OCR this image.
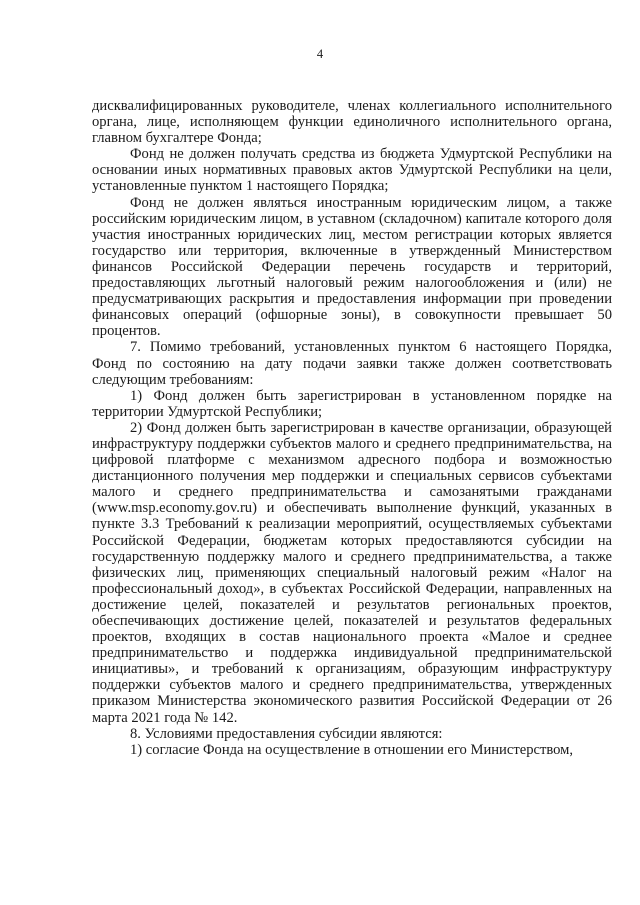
4

дисквалифицированных руководителе, членах коллегиального исполнительного органа, лице, исполняющем функции единоличного исполнительного органа, главном бухгалтере Фонда;

Фонд не должен получать средства из бюджета Удмуртской Республики на основании иных нормативных правовых актов Удмуртской Республики на цели, установленные пунктом 1 настоящего Порядка;

Фонд не должен являться иностранным юридическим лицом, а также российским юридическим лицом, в уставном (складочном) капитале которого доля участия иностранных юридических лиц, местом регистрации которых является государство или территория, включенные в утвержденный Министерством финансов Российской Федерации перечень государств и территорий, предоставляющих льготный налоговый режим налогообложения и (или) не предусматривающих раскрытия и предоставления информации при проведении финансовых операций (офшорные зоны), в совокупности превышает 50 процентов.

7. Помимо требований, установленных пунктом 6 настоящего Порядка, Фонд по состоянию на дату подачи заявки также должен соответствовать следующим требованиям:

1) Фонд должен быть зарегистрирован в установленном порядке на территории Удмуртской Республики;

2) Фонд должен быть зарегистрирован в качестве организации, образующей инфраструктуру поддержки субъектов малого и среднего предпринимательства, на цифровой платформе с механизмом адресного подбора и возможностью дистанционного получения мер поддержки и специальных сервисов субъектами малого и среднего предпринимательства и самозанятыми гражданами (www.msp.economy.gov.ru) и обеспечивать выполнение функций, указанных в пункте 3.3 Требований к реализации мероприятий, осуществляемых субъектами Российской Федерации, бюджетам которых предоставляются субсидии на государственную поддержку малого и среднего предпринимательства, а также физических лиц, применяющих специальный налоговый режим «Налог на профессиональный доход», в субъектах Российской Федерации, направленных на достижение целей, показателей и результатов региональных проектов, обеспечивающих достижение целей, показателей и результатов федеральных проектов, входящих в состав национального проекта «Малое и среднее предпринимательство и поддержка индивидуальной предпринимательской инициативы», и требований к организациям, образующим инфраструктуру поддержки субъектов малого и среднего предпринимательства, утвержденных приказом Министерства экономического развития Российской Федерации от 26 марта 2021 года № 142.

8. Условиями предоставления субсидии являются:

1) согласие Фонда на осуществление в отношении его Министерством,
